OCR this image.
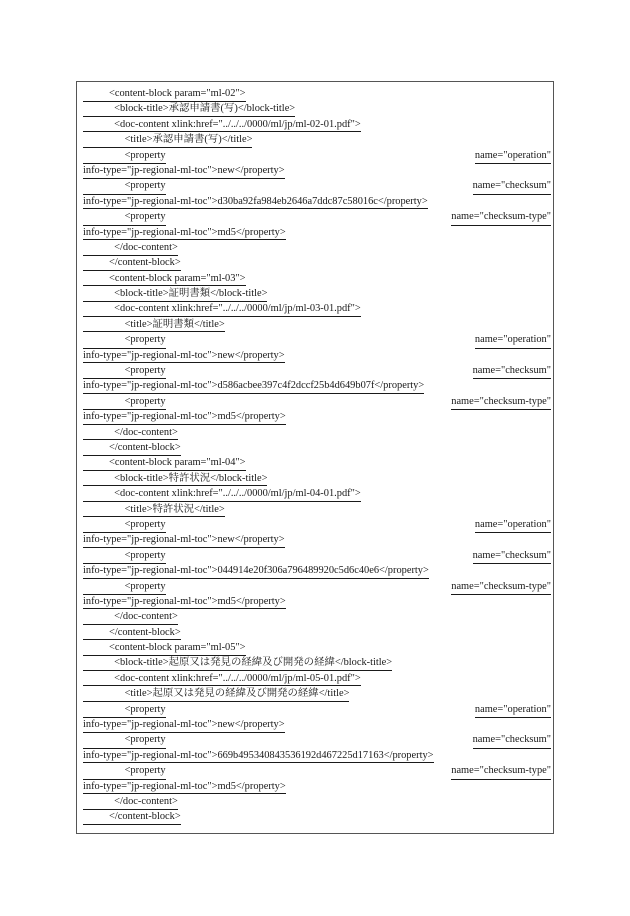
<content-block param="ml-02">
<block-title>承認申請書(写)</block-title>
<doc-content xlink:href="../../../0000/ml/jp/ml-02-01.pdf">
<title>承認申請書(写)</title>
<property	name="operation"
info-type="jp-regional-ml-toc">new</property>
<property	name="checksum"
info-type="jp-regional-ml-toc">d30ba92fa984eb2646a7ddc87c58016c</property>
<property	name="checksum-type"
info-type="jp-regional-ml-toc">md5</property>
</doc-content>
</content-block>
<content-block param="ml-03">
<block-title>証明書類</block-title>
<doc-content xlink:href="../../../0000/ml/jp/ml-03-01.pdf">
<title>証明書類</title>
<property	name="operation"
info-type="jp-regional-ml-toc">new</property>
<property	name="checksum"
info-type="jp-regional-ml-toc">d586acbee397c4f2dccf25b4d649b07f</property>
<property	name="checksum-type"
info-type="jp-regional-ml-toc">md5</property>
</doc-content>
</content-block>
<content-block param="ml-04">
<block-title>特許状況</block-title>
<doc-content xlink:href="../../../0000/ml/jp/ml-04-01.pdf">
<title>特許状況</title>
<property	name="operation"
info-type="jp-regional-ml-toc">new</property>
<property	name="checksum"
info-type="jp-regional-ml-toc">044914e20f306a796489920c5d6c40e6</property>
<property	name="checksum-type"
info-type="jp-regional-ml-toc">md5</property>
</doc-content>
</content-block>
<content-block param="ml-05">
<block-title>起原又は発見の経緯及び開発の経緯</block-title>
<doc-content xlink:href="../../../0000/ml/jp/ml-05-01.pdf">
<title>起原又は発見の経緯及び開発の経緯</title>
<property	name="operation"
info-type="jp-regional-ml-toc">new</property>
<property	name="checksum"
info-type="jp-regional-ml-toc">669b495340843536192d467225d17163</property>
<property	name="checksum-type"
info-type="jp-regional-ml-toc">md5</property>
</doc-content>
</content-block>
